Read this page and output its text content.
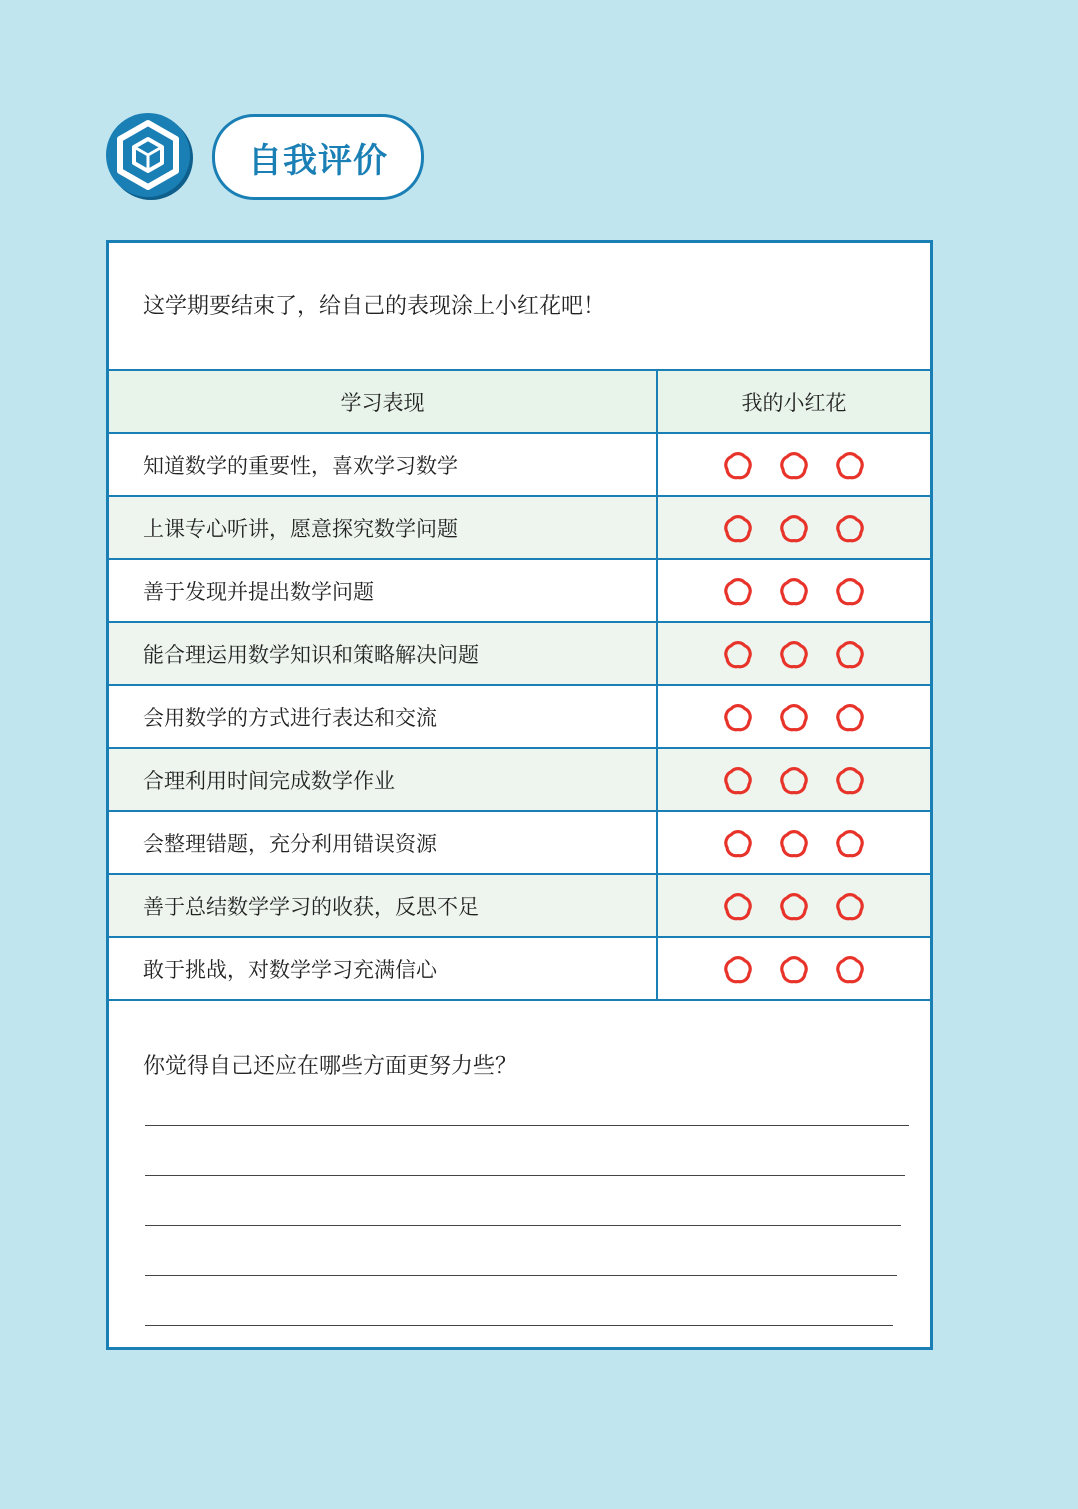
自我评价
这学期要结束了，给自己的表现涂上小红花吧！
学习表现	我的小红花
知道数学的重要性，喜欢学习数学	

上课专心听讲，愿意探究数学问题	

善于发现并提出数学问题	

能合理运用数学知识和策略解决问题	

会用数学的方式进行表达和交流	

合理利用时间完成数学作业	

会整理错题，充分利用错误资源	

善于总结数学学习的收获，反思不足	

敢于挑战，对数学学习充满信心	
你觉得自己还应在哪些方面更努力些？
